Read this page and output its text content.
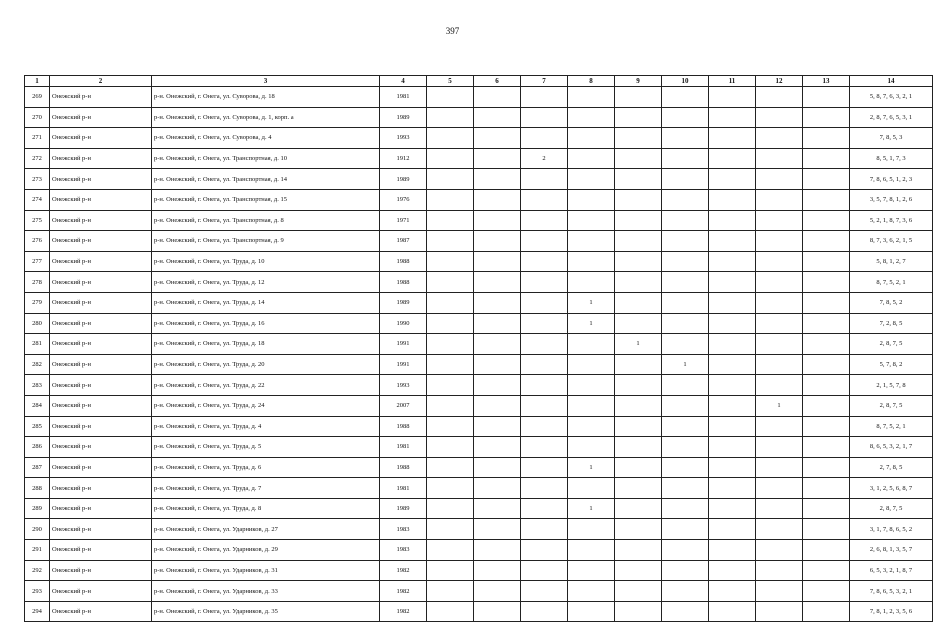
397
1	2	3	4	5	6	7	8	9	10	11	12	13	14
269	Онежский р-н	р-н. Онежский, г. Онега, ул. Суворова, д. 18	1981										5, 8, 7, 6, 3, 2, 1
270	Онежский р-н	р-н. Онежский, г. Онега, ул. Суворова, д. 1, корп. а	1989										2, 8, 7, 6, 5, 3, 1
271	Онежский р-н	р-н. Онежский, г. Онега, ул. Суворова, д. 4	1993										7, 8, 5, 3
272	Онежский р-н	р-н. Онежский, г. Онега, ул. Транспортная, д. 10	1912			2							8, 5, 1, 7, 3
273	Онежский р-н	р-н. Онежский, г. Онега, ул. Транспортная, д. 14	1989										7, 8, 6, 5, 1, 2, 3
274	Онежский р-н	р-н. Онежский, г. Онега, ул. Транспортная, д. 15	1976										3, 5, 7, 8, 1, 2, 6
275	Онежский р-н	р-н. Онежский, г. Онега, ул. Транспортная, д. 8	1971										5, 2, 1, 8, 7, 3, 6
276	Онежский р-н	р-н. Онежский, г. Онега, ул. Транспортная, д. 9	1987										8, 7, 3, 6, 2, 1, 5
277	Онежский р-н	р-н. Онежский, г. Онега, ул. Труда, д. 10	1988										5, 8, 1, 2, 7
278	Онежский р-н	р-н. Онежский, г. Онега, ул. Труда, д. 12	1988										8, 7, 5, 2, 1
279	Онежский р-н	р-н. Онежский, г. Онега, ул. Труда, д. 14	1989				1						7, 8, 5, 2
280	Онежский р-н	р-н. Онежский, г. Онега, ул. Труда, д. 16	1990				1						7, 2, 8, 5
281	Онежский р-н	р-н. Онежский, г. Онега, ул. Труда, д. 18	1991					1					2, 8, 7, 5
282	Онежский р-н	р-н. Онежский, г. Онега, ул. Труда, д. 20	1991						1				5, 7, 8, 2
283	Онежский р-н	р-н. Онежский, г. Онега, ул. Труда, д. 22	1993										2, 1, 5, 7, 8
284	Онежский р-н	р-н. Онежский, г. Онега, ул. Труда, д. 24	2007								1		2, 8, 7, 5
285	Онежский р-н	р-н. Онежский, г. Онега, ул. Труда, д. 4	1988										8, 7, 5, 2, 1
286	Онежский р-н	р-н. Онежский, г. Онега, ул. Труда, д. 5	1981										8, 6, 5, 3, 2, 1, 7
287	Онежский р-н	р-н. Онежский, г. Онега, ул. Труда, д. 6	1988				1						2, 7, 8, 5
288	Онежский р-н	р-н. Онежский, г. Онега, ул. Труда, д. 7	1981										3, 1, 2, 5, 6, 8, 7
289	Онежский р-н	р-н. Онежский, г. Онега, ул. Труда, д. 8	1989				1						2, 8, 7, 5
290	Онежский р-н	р-н. Онежский, г. Онега, ул. Ударников, д. 27	1983										3, 1, 7, 8, 6, 5, 2
291	Онежский р-н	р-н. Онежский, г. Онега, ул. Ударников, д. 29	1983										2, 6, 8, 1, 3, 5, 7
292	Онежский р-н	р-н. Онежский, г. Онега, ул. Ударников, д. 31	1982										6, 5, 3, 2, 1, 8, 7
293	Онежский р-н	р-н. Онежский, г. Онега, ул. Ударников, д. 33	1982										7, 8, 6, 5, 3, 2, 1
294	Онежский р-н	р-н. Онежский, г. Онега, ул. Ударников, д. 35	1982										7, 8, 1, 2, 3, 5, 6
